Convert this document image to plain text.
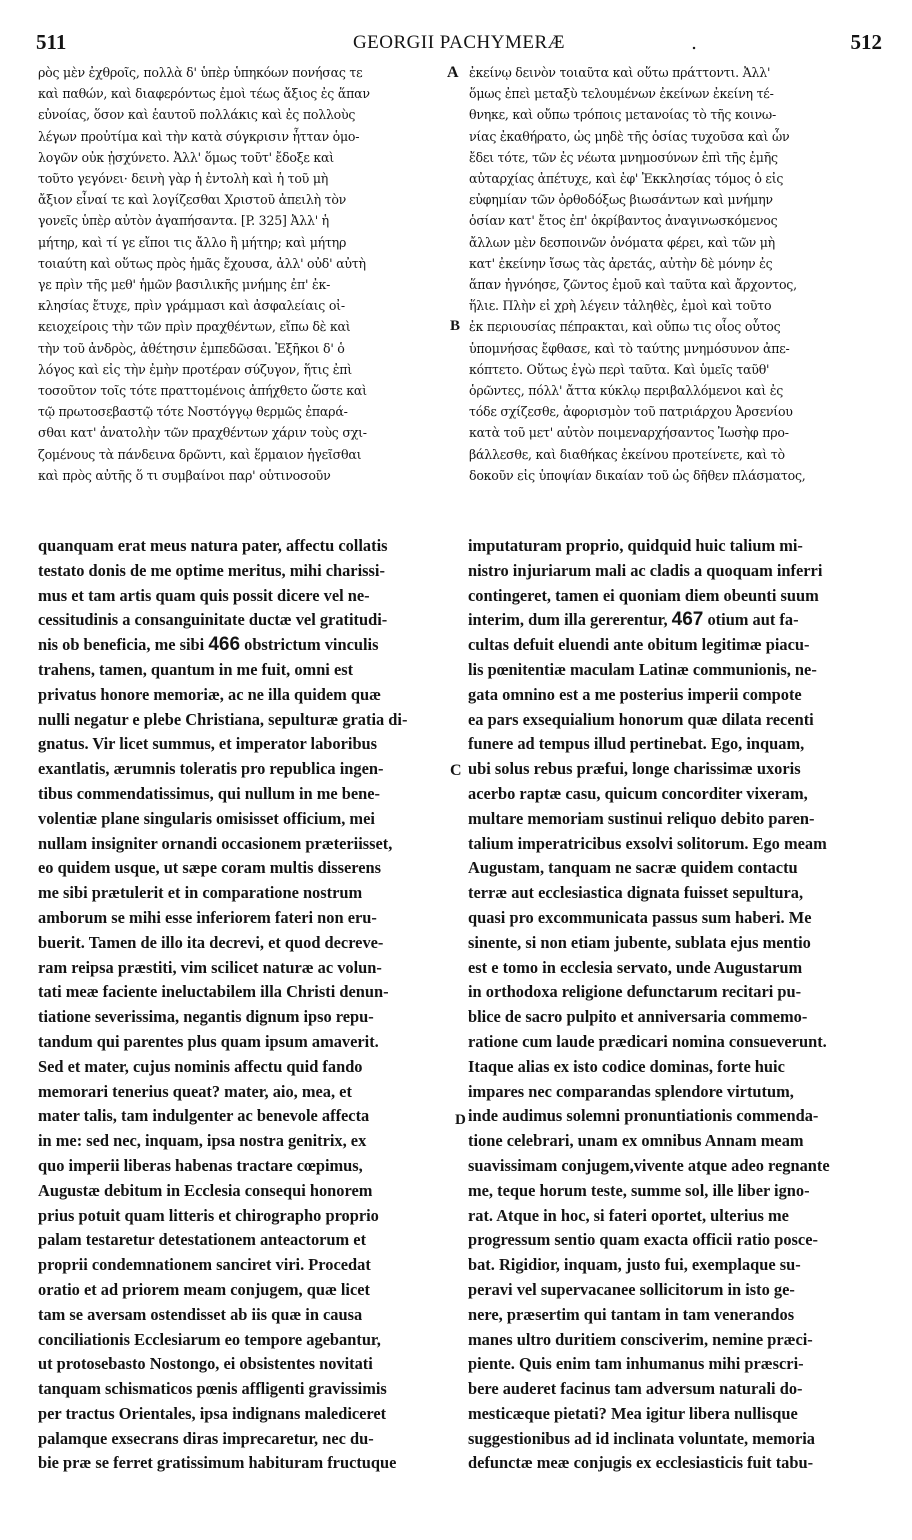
511	GEORGII PACHYMERÆ	.	512
A
B
C
D
ρὸς μὲν ἐχθροῖς, πολλὰ δ' ὑπὲρ ὑπηκόων πονήσας τε
καὶ παθών, καὶ διαφερόντως ἐμοὶ τέως ἄξιος ἐς ἅπαν
εὐνοίας, ὅσον καὶ ἑαυτοῦ πολλάκις καὶ ἐς πολλοὺς
λέγων προὐτίμα καὶ τὴν κατὰ σύγκρισιν ἧτταν ὁμο-
λογῶν οὐκ ᾐσχύνετο. Ἀλλ' ὅμως τοῦτ' ἔδοξε καὶ
τοῦτο γεγόνει· δεινὴ γὰρ ἡ ἐντολὴ καὶ ἡ τοῦ μὴ
ἄξιον εἶναί τε καὶ λογίζεσθαι Χριστοῦ ἀπειλὴ τὸν
γονεῖς ὑπὲρ αὐτὸν ἀγαπήσαντα. [P. 325] Ἀλλ' ἡ
μήτηρ, καὶ τί γε εἴποι τις ἄλλο ἢ μήτηρ; καὶ μήτηρ
τοιαύτη καὶ οὕτως πρὸς ἡμᾶς ἔχουσα, ἀλλ' οὐδ' αὐτὴ
γε πρὶν τῆς μεθ' ἡμῶν βασιλικῆς μνήμης ἐπ' ἐκ-
κλησίας ἔτυχε, πρὶν γράμμασι καὶ ἀσφαλείαις οἰ-
κειοχείροις τὴν τῶν πρὶν πραχθέντων, εἴπω δὲ καὶ
τὴν τοῦ ἀνδρὸς, ἀθέτησιν ἐμπεδῶσαι. Ἐξῆκοι δ' ὁ
λόγος καὶ εἰς τὴν ἐμὴν προτέραν σύζυγον, ἥτις ἐπὶ
τοσοῦτον τοῖς τότε πραττομένοις ἀπήχθετο ὥστε καὶ
τῷ πρωτοσεβαστῷ τότε Νοστόγγῳ θερμῶς ἐπαρά-
σθαι κατ' ἀνατολὴν τῶν πραχθέντων χάριν τοὺς σχι-
ζομένους τὰ πάνδεινα δρῶντι, καὶ ἕρμαιον ἡγεῖσθαι
καὶ πρὸς αὐτῆς ὅ τι συμβαίνοι παρ' οὑτινοσοῦν
ἐκείνῳ δεινὸν τοιαῦτα καὶ οὕτω πράττοντι. Ἀλλ'
ὅμως ἐπεὶ μεταξὺ τελουμένων ἐκείνων ἐκείνη τέ-
θνηκε, καὶ οὔπω τρόποις μετανοίας τὸ τῆς κοινω-
νίας ἐκαθήρατο, ὡς μηδὲ τῆς ὁσίας τυχοῦσα καὶ ὧν
ἔδει τότε, τῶν ἐς νέωτα μνημοσύνων ἐπὶ τῆς ἐμῆς
αὐταρχίας ἀπέτυχε, καὶ ἐφ' Ἐκκλησίας τόμος ὁ εἰς
εὐφημίαν τῶν ὀρθοδόξως βιωσάντων καὶ μνήμην
ὁσίαν κατ' ἔτος ἐπ' ὀκρίβαντος ἀναγινωσκόμενος
ἄλλων μὲν δεσποινῶν ὀνόματα φέρει, καὶ τῶν μὴ
κατ' ἐκείνην ἴσως τὰς ἀρετάς, αὐτὴν δὲ μόνην ἐς
ἅπαν ἠγνόησε, ζῶντος ἐμοῦ καὶ ταῦτα καὶ ἄρχοντος,
ἥλιε. Πλὴν εἰ χρὴ λέγειν τἀληθὲς, ἐμοὶ καὶ τοῦτο
ἐκ περιουσίας πέπρακται, καὶ οὔπω τις οἷος οὗτος
ὑπομνήσας ἔφθασε, καὶ τὸ ταύτης μνημόσυνον ἀπε-
κόπτετο. Οὕτως ἐγὼ περὶ ταῦτα. Καὶ ὑμεῖς ταῦθ'
ὁρῶντες, πόλλ' ἄττα κύκλῳ περιβαλλόμενοι καὶ ἐς
τόδε σχίζεσθε, ἀφορισμὸν τοῦ πατριάρχου Ἀρσενίου
κατὰ τοῦ μετ' αὐτὸν ποιμεναρχήσαντος Ἰωσὴφ προ-
βάλλεσθε, καὶ διαθήκας ἐκείνου προτείνετε, καὶ τὸ
δοκοῦν εἰς ὑποψίαν δικαίαν τοῦ ὡς δῆθεν πλάσματος,
quanquam erat meus natura pater, affectu collatis
testato donis de me optime meritus, mihi charissi-
mus et tam artis quam quis possit dicere vel ne-
cessitudinis a consanguinitate ductæ vel gratitudi-
nis ob beneficia, me sibi 466 obstrictum vinculis
trahens, tamen, quantum in me fuit, omni est
privatus honore memoriæ, ac ne illa quidem quæ
nulli negatur e plebe Christiana, sepulturæ gratia di-
gnatus. Vir licet summus, et imperator laboribus
exantlatis, ærumnis toleratis pro republica ingen-
tibus commendatissimus, qui nullum in me bene-
volentiæ plane singularis omisisset officium, mei
nullam insigniter ornandi occasionem præteriisset,
eo quidem usque, ut sæpe coram multis disserens
me sibi prætulerit et in comparatione nostrum
amborum se mihi esse inferiorem fateri non eru-
buerit. Tamen de illo ita decrevi, et quod decreve-
ram reipsa præstiti, vim scilicet naturæ ac volun-
tati meæ faciente ineluctabilem illa Christi denun-
tiatione severissima, negantis dignum ipso repu-
tandum qui parentes plus quam ipsum amaverit.
Sed et mater, cujus nominis affectu quid fando
memorari tenerius queat? mater, aio, mea, et
mater talis, tam indulgenter ac benevole affecta
in me: sed nec, inquam, ipsa nostra genitrix, ex
quo imperii liberas habenas tractare cœpimus,
Augustæ debitum in Ecclesia consequi honorem
prius potuit quam litteris et chirographo proprio
palam testaretur detestationem anteactorum et
proprii condemnationem sanciret viri. Procedat
oratio et ad priorem meam conjugem, quæ licet
tam se aversam ostendisset ab iis quæ in causa
conciliationis Ecclesiarum eo tempore agebantur,
ut protosebasto Nostongo, ei obsistentes novitati
tanquam schismaticos pœnis affligenti gravissimis
per tractus Orientales, ipsa indignans malediceret
palamque exsecrans diras imprecaretur, nec du-
bie præ se ferret gratissimum habituram fructuque
imputaturam proprio, quidquid huic talium mi-
nistro injuriarum mali ac cladis a quoquam inferri
contingeret, tamen ei quoniam diem obeunti suum
interim, dum illa gererentur, 467 otium aut fa-
cultas defuit eluendi ante obitum legitimæ piacu-
lis pœnitentiæ maculam Latinæ communionis, ne-
gata omnino est a me posterius imperii compote
ea pars exsequialium honorum quæ dilata recenti
funere ad tempus illud pertinebat. Ego, inquam,
ubi solus rebus præfui, longe charissimæ uxoris
acerbo raptæ casu, quicum concorditer vixeram,
multare memoriam sustinui reliquo debito paren-
talium imperatricibus exsolvi solitorum. Ego meam
Augustam, tanquam ne sacræ quidem contactu
terræ aut ecclesiastica dignata fuisset sepultura,
quasi pro excommunicata passus sum haberi. Me
sinente, si non etiam jubente, sublata ejus mentio
est e tomo in ecclesia servato, unde Augustarum
in orthodoxa religione defunctarum recitari pu-
blice de sacro pulpito et anniversaria commemo-
ratione cum laude prædicari nomina consueverunt.
Itaque alias ex isto codice dominas, forte huic
impares nec comparandas splendore virtutum,
inde audimus solemni pronuntiationis commenda-
tione celebrari, unam ex omnibus Annam meam
suavissimam conjugem,vivente atque adeo regnante
me, teque horum teste, summe sol, ille liber igno-
rat. Atque in hoc, si fateri oportet, ulterius me
progressum sentio quam exacta officii ratio posce-
bat. Rigidior, inquam, justo fui, exemplaque su-
peravi vel supervacanee sollicitorum in isto ge-
nere, præsertim qui tantam in tam venerandos
manes ultro duritiem consciverim, nemine præci-
piente. Quis enim tam inhumanus mihi præscri-
bere auderet facinus tam adversum naturali do-
mesticæque pietati? Mea igitur libera nullisque
suggestionibus ad id inclinata voluntate, memoria
defunctæ meæ conjugis ex ecclesiasticis fuit tabu-
